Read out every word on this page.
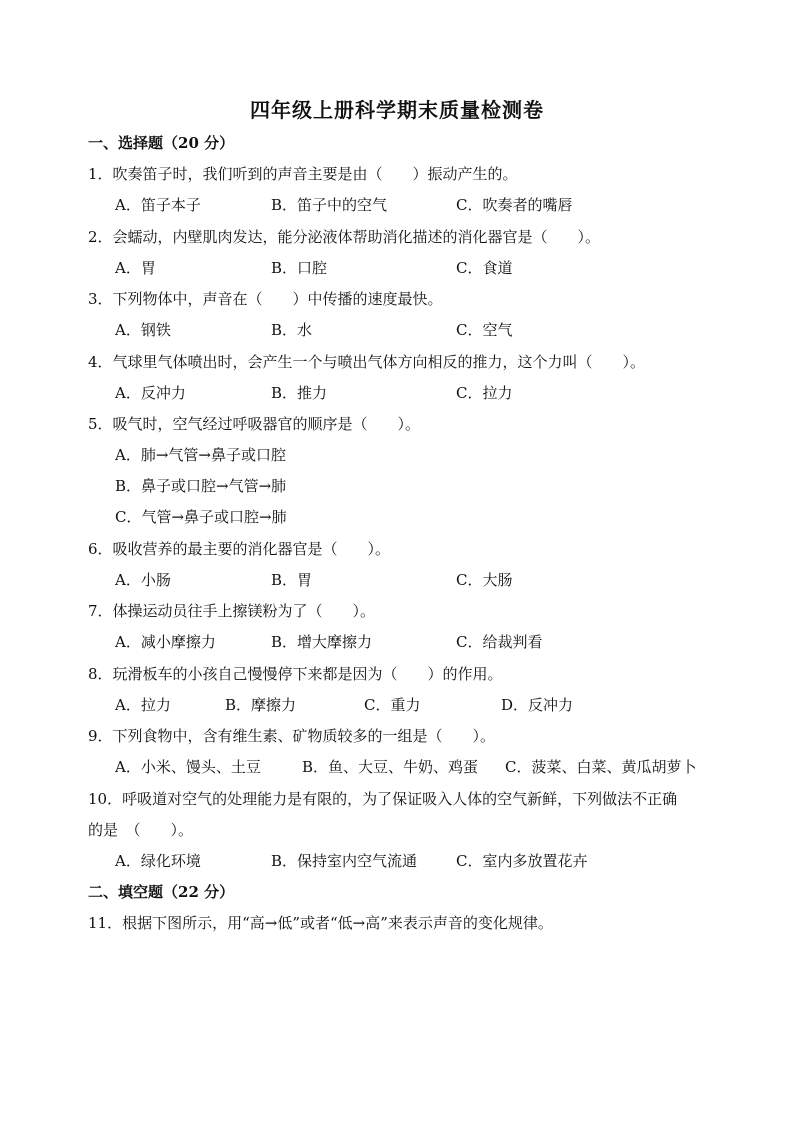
四年级上册科学期末质量检测卷
一、选择题（20 分）
1．吹奏笛子时，我们听到的声音主要是由（　　）振动产生的。
A．笛子本子	B．笛子中的空气	C．吹奏者的嘴唇
2．会蠕动，内壁肌肉发达，能分泌液体帮助消化描述的消化器官是（　　）。
A．胃	B．口腔	C．食道
3．下列物体中，声音在（　　）中传播的速度最快。
A．钢铁	B．水	C．空气
4．气球里气体喷出时，会产生一个与喷出气体方向相反的推力，这个力叫（　　）。
A．反冲力	B．推力	C．拉力
5．吸气时，空气经过呼吸器官的顺序是（　　）。
A．肺→气管→鼻子或口腔
B．鼻子或口腔→气管→肺
C．气管→鼻子或口腔→肺
6．吸收营养的最主要的消化器官是（　　）。
A．小肠	B．胃	C．大肠
7．体操运动员往手上擦镁粉为了（　　）。
A．减小摩擦力	B．增大摩擦力	C．给裁判看
8．玩滑板车的小孩自己慢慢停下来都是因为（　　）的作用。
A．拉力	B．摩擦力	C．重力	D．反冲力
9．下列食物中，含有维生素、矿物质较多的一组是（　　）。
A．小米、馒头、土豆	B．鱼、大豆、牛奶、鸡蛋 C．菠菜、白菜、黄瓜胡萝卜
10．呼吸道对空气的处理能力是有限的，为了保证吸入人体的空气新鲜，下列做法不正确
的是　（　　）。
A．绿化环境	B．保持室内空气流通	C．室内多放置花卉
二、填空题（22 分）
11．根据下图所示，用“高→低”或者“低→高”来表示声音的变化规律。
